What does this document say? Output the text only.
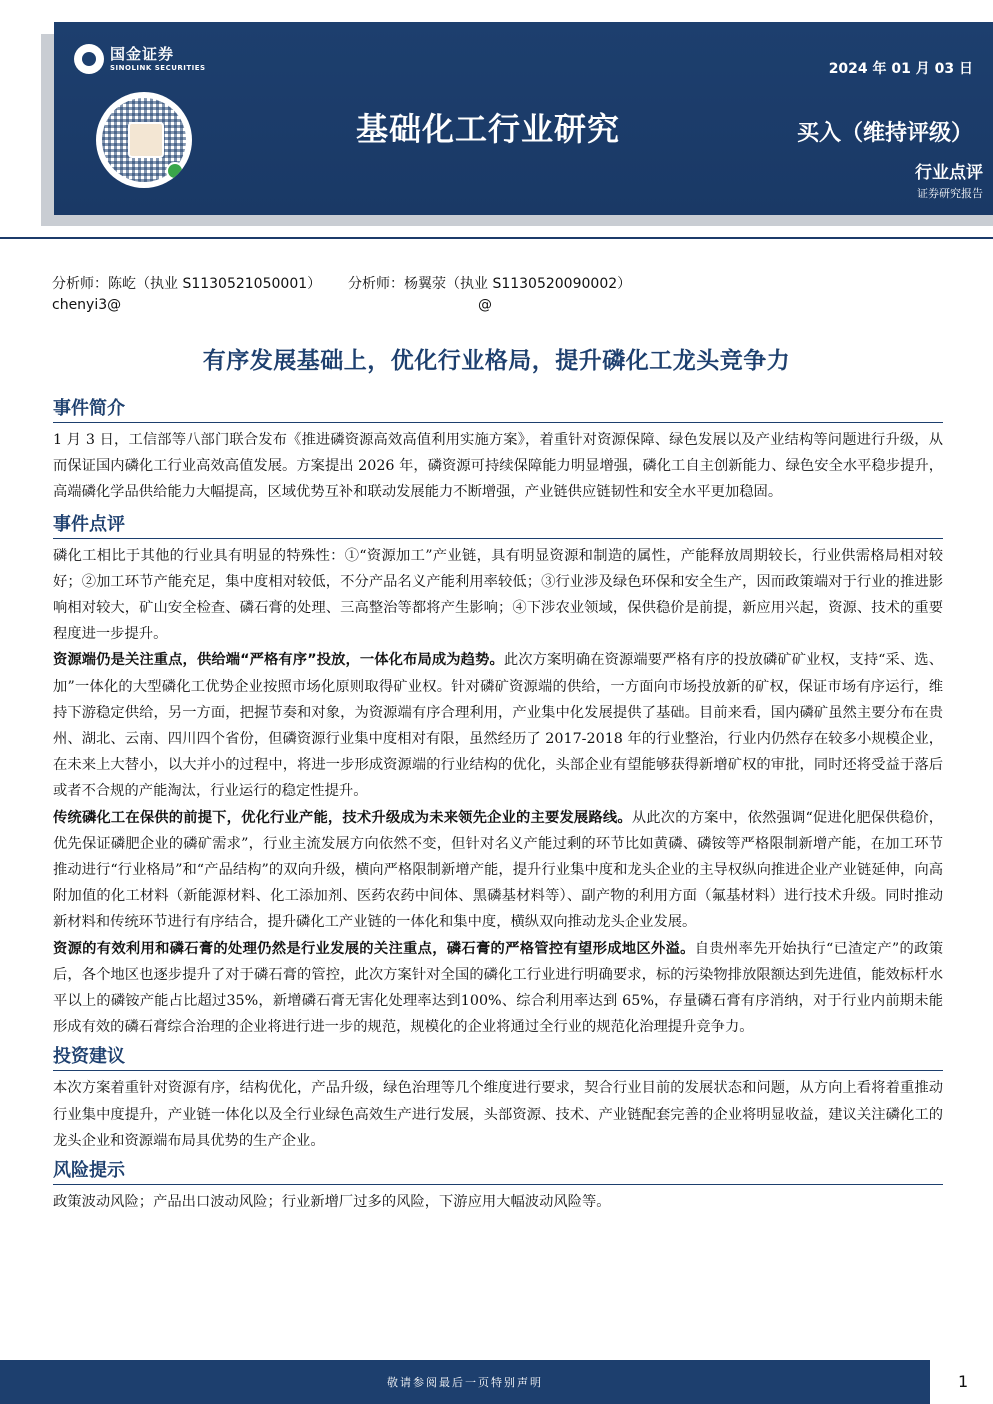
国金证券
SINOLINK SECURITIES	2024 年 01 月 03 日
基础化工行业研究	买入（维持评级）
行业点评
证券研究报告
分析师：陈屹（执业 S1130521050001）	分析师：杨翼荥（执业 S1130520090002）
chenyi3@	@
有序发展基础上，优化行业格局，提升磷化工龙头竞争力
事件简介

1 月 3 日，工信部等八部门联合发布《推进磷资源高效高值利用实施方案》，着重针对资源保障、绿色发展以及产业结构等问题进行升级，从而保证国内磷化工行业高效高值发展。方案提出 2026 年，磷资源可持续保障能力明显增强，磷化工自主创新能力、绿色安全水平稳步提升，高端磷化学品供给能力大幅提高，区域优势互补和联动发展能力不断增强，产业链供应链韧性和安全水平更加稳固。

事件点评

磷化工相比于其他的行业具有明显的特殊性：①“资源加工”产业链，具有明显资源和制造的属性，产能释放周期较长，行业供需格局相对较好；②加工环节产能充足，集中度相对较低，不分产品名义产能利用率较低；③行业涉及绿色环保和安全生产，因而政策端对于行业的推进影响相对较大，矿山安全检查、磷石膏的处理、三高整治等都将产生影响；④下涉农业领域，保供稳价是前提，新应用兴起，资源、技术的重要程度进一步提升。

资源端仍是关注重点，供给端“严格有序”投放，一体化布局成为趋势。此次方案明确在资源端要严格有序的投放磷矿矿业权，支持“采、选、加”一体化的大型磷化工优势企业按照市场化原则取得矿业权。针对磷矿资源端的供给，一方面向市场投放新的矿权，保证市场有序运行，维持下游稳定供给，另一方面，把握节奏和对象，为资源端有序合理利用，产业集中化发展提供了基础。目前来看，国内磷矿虽然主要分布在贵州、湖北、云南、四川四个省份，但磷资源行业集中度相对有限，虽然经历了 2017-2018 年的行业整治，行业内仍然存在较多小规模企业，在未来上大替小，以大并小的过程中，将进一步形成资源端的行业结构的优化，头部企业有望能够获得新增矿权的审批，同时还将受益于落后或者不合规的产能淘汰，行业运行的稳定性提升。

传统磷化工在保供的前提下，优化行业产能，技术升级成为未来领先企业的主要发展路线。从此次的方案中，依然强调“促进化肥保供稳价，优先保证磷肥企业的磷矿需求”，行业主流发展方向依然不变，但针对名义产能过剩的环节比如黄磷、磷铵等严格限制新增产能，在加工环节推动进行“行业格局”和“产品结构”的双向升级，横向严格限制新增产能，提升行业集中度和龙头企业的主导权纵向推进企业产业链延伸，向高附加值的化工材料（新能源材料、化工添加剂、医药农药中间体、黑磷基材料等）、副产物的利用方面（氟基材料）进行技术升级。同时推动新材料和传统环节进行有序结合，提升磷化工产业链的一体化和集中度，横纵双向推动龙头企业发展。

资源的有效利用和磷石膏的处理仍然是行业发展的关注重点，磷石膏的严格管控有望形成地区外溢。自贵州率先开始执行“已渣定产”的政策后，各个地区也逐步提升了对于磷石膏的管控，此次方案针对全国的磷化工行业进行明确要求，标的污染物排放限额达到先进值，能效标杆水平以上的磷铵产能占比超过35%，新增磷石膏无害化处理率达到100%、综合利用率达到 65%，存量磷石膏有序消纳，对于行业内前期未能形成有效的磷石膏综合治理的企业将进行进一步的规范，规模化的企业将通过全行业的规范化治理提升竞争力。

投资建议

本次方案着重针对资源有序，结构优化，产品升级，绿色治理等几个维度进行要求，契合行业目前的发展状态和问题，从方向上看将着重推动行业集中度提升，产业链一体化以及全行业绿色高效生产进行发展，头部资源、技术、产业链配套完善的企业将明显收益，建议关注磷化工的龙头企业和资源端布局具优势的生产企业。

风险提示

政策波动风险；产品出口波动风险；行业新增厂过多的风险，下游应用大幅波动风险等。

敬请参阅最后一页特别声明	1
